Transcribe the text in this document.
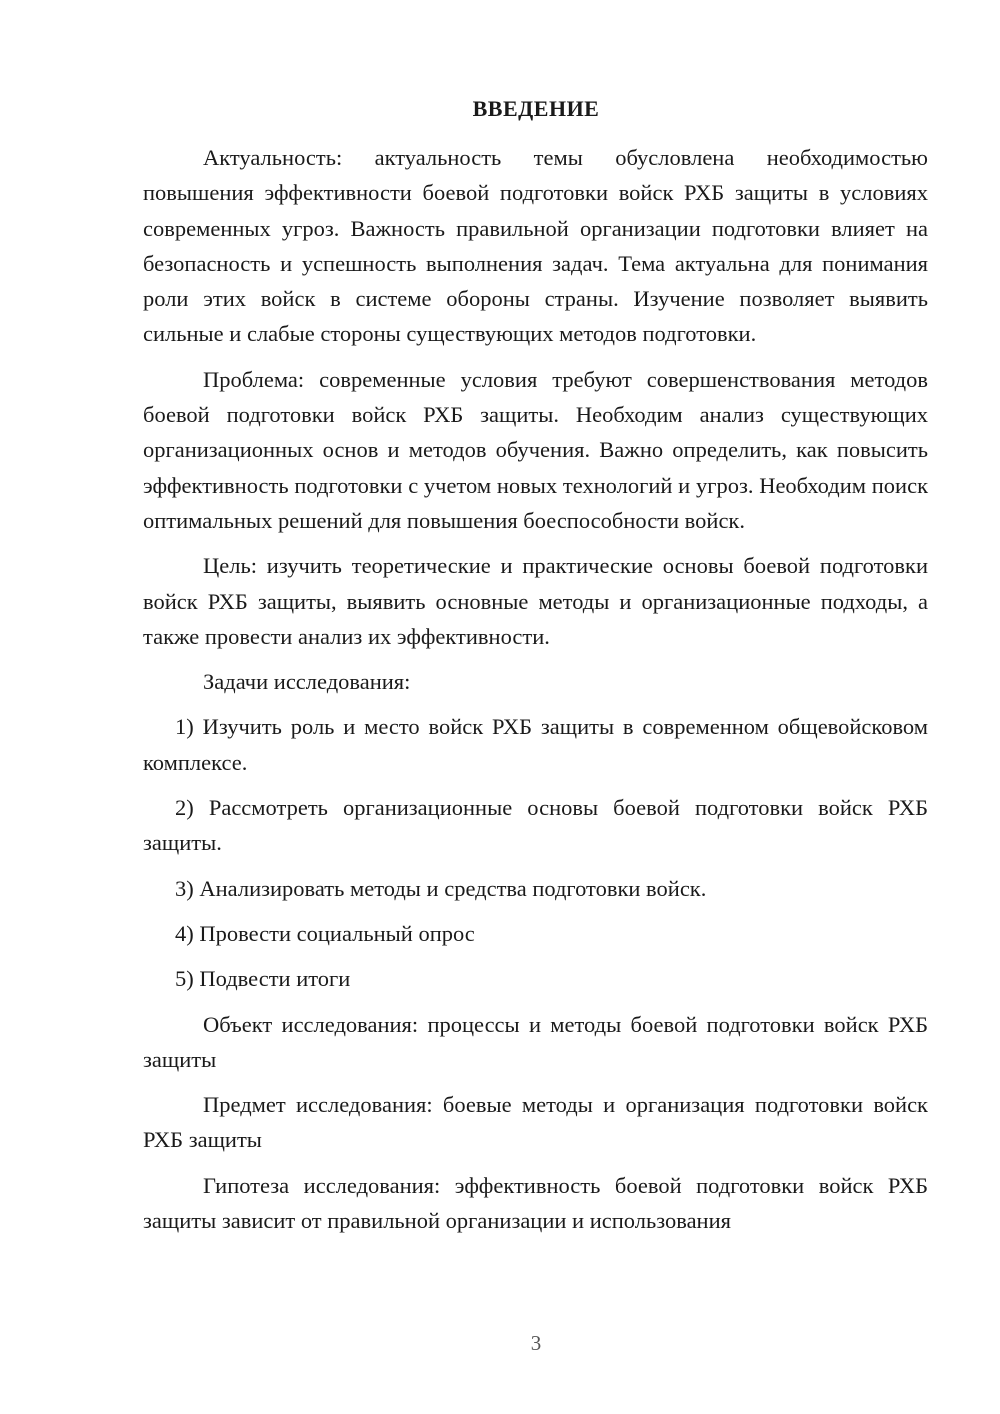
ВВЕДЕНИЕ

Актуальность: актуальность темы обусловлена необходимостью повышения эффективности боевой подготовки войск РХБ защиты в условиях современных угроз. Важность правильной организации подготовки влияет на безопасность и успешность выполнения задач. Тема актуальна для понимания роли этих войск в системе обороны страны. Изучение позволяет выявить сильные и слабые стороны существующих методов подготовки.

Проблема: современные условия требуют совершенствования методов боевой подготовки войск РХБ защиты. Необходим анализ существующих организационных основ и методов обучения. Важно определить, как повысить эффективность подготовки с учетом новых технологий и угроз. Необходим поиск оптимальных решений для повышения боеспособности войск.

Цель: изучить теоретические и практические основы боевой подготовки войск РХБ защиты, выявить основные методы и организационные подходы, а также провести анализ их эффективности.

Задачи исследования:

1) Изучить роль и место войск РХБ защиты в современном общевойсковом комплексе.

2) Рассмотреть организационные основы боевой подготовки войск РХБ защиты.

3) Анализировать методы и средства подготовки войск.

4) Провести социальный опрос

5) Подвести итоги

Объект исследования: процессы и методы боевой подготовки войск РХБ защиты

Предмет исследования: боевые методы и организация подготовки войск РХБ защиты

Гипотеза исследования: эффективность боевой подготовки войск РХБ защиты зависит от правильной организации и использования

3
